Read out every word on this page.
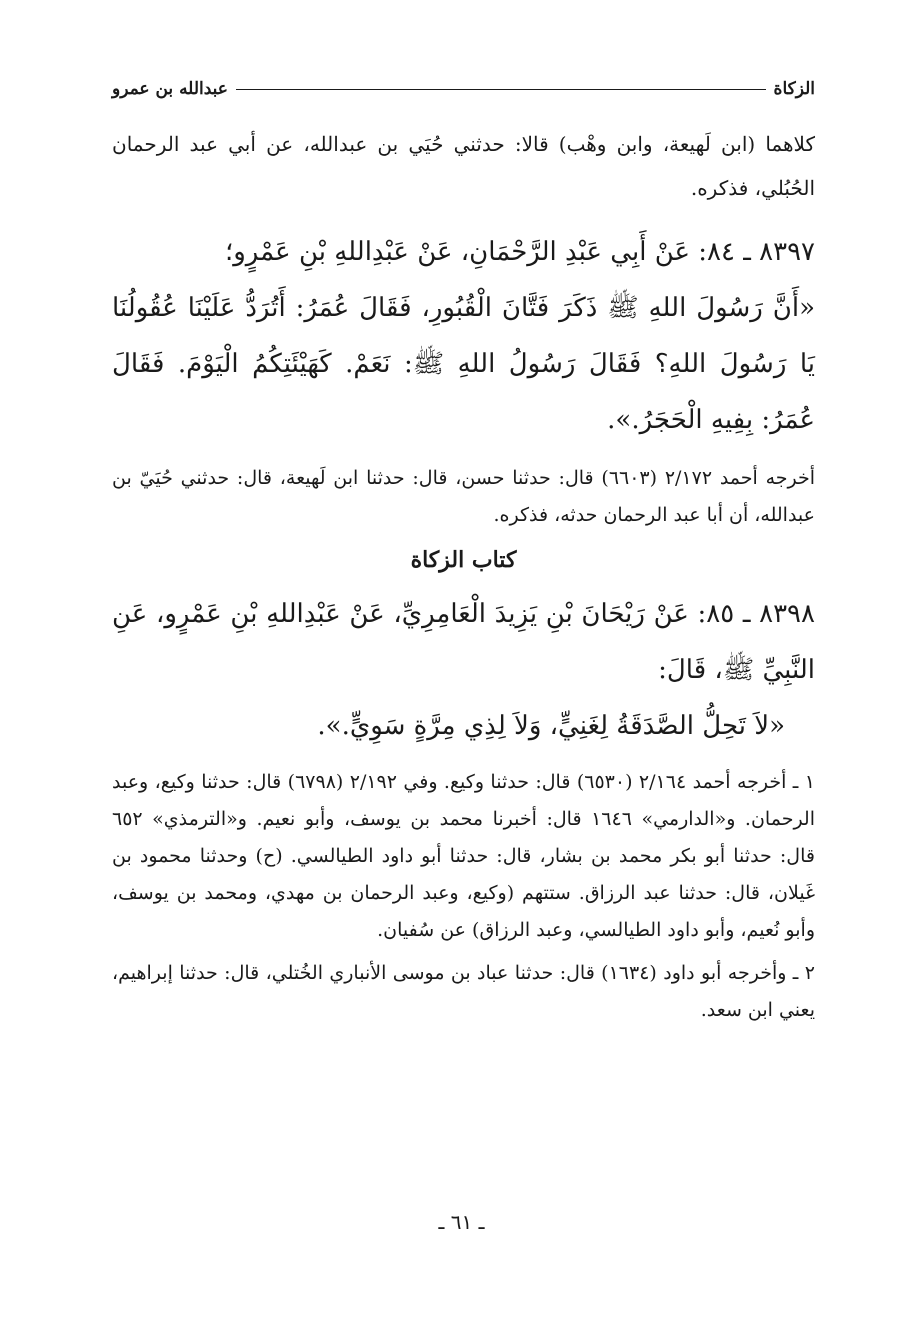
الزكاة
عبدالله بن عمرو

كلاهما (ابن لَهيعة، وابن وهْب) قالا: حدثني حُيَي بن عبدالله، عن أبي عبد الرحمان الحُبُلي، فذكره.

٨٣٩٧ ـ ٨٤: عَنْ أَبِي عَبْدِ الرَّحْمَانِ، عَنْ عَبْدِاللهِ بْنِ عَمْرٍو؛

«أَنَّ رَسُولَ اللهِ ﷺ ذَكَرَ فَتَّانَ الْقُبُورِ، فَقَالَ عُمَرُ: أَتُرَدُّ عَلَيْنَا عُقُولُنَا يَا رَسُولَ اللهِ؟ فَقَالَ رَسُولُ اللهِ ﷺ: نَعَمْ. كَهَيْئَتِكُمُ الْيَوْمَ. فَقَالَ عُمَرُ: بِفِيهِ الْحَجَرُ.».

أخرجه أحمد ٢/١٧٢ (٦٦٠٣) قال: حدثنا حسن، قال: حدثنا ابن لَهيعة، قال: حدثني حُيَيّ بن عبدالله، أن أبا عبد الرحمان حدثه، فذكره.

كتاب الزكاة

٨٣٩٨ ـ ٨٥: عَنْ رَيْحَانَ بْنِ يَزِيدَ الْعَامِرِيِّ، عَنْ عَبْدِاللهِ بْنِ عَمْرٍو، عَنِ النَّبِيِّ ﷺ، قَالَ:

«لاَ تَحِلُّ الصَّدَقَةُ لِغَنِيٍّ، وَلاَ لِذِي مِرَّةٍ سَوِيٍّ.».

١ ـ أخرجه أحمد ٢/١٦٤ (٦٥٣٠) قال: حدثنا وكيع. وفي ٢/١٩٢ (٦٧٩٨) قال: حدثنا وكيع، وعبد الرحمان. و«الدارمي» ١٦٤٦ قال: أخبرنا محمد بن يوسف، وأبو نعيم. و«الترمذي» ٦٥٢ قال: حدثنا أبو بكر محمد بن بشار، قال: حدثنا أبو داود الطيالسي. (ح) وحدثنا محمود بن غَيلان، قال: حدثنا عبد الرزاق. ستتهم (وكيع، وعبد الرحمان بن مهدي، ومحمد بن يوسف، وأبو نُعيم، وأبو داود الطيالسي، وعبد الرزاق) عن سُفيان.

٢ ـ وأخرجه أبو داود (١٦٣٤) قال: حدثنا عباد بن موسى الأنباري الخُتلي، قال: حدثنا إبراهيم، يعني ابن سعد.

ـ ٦١ ـ
